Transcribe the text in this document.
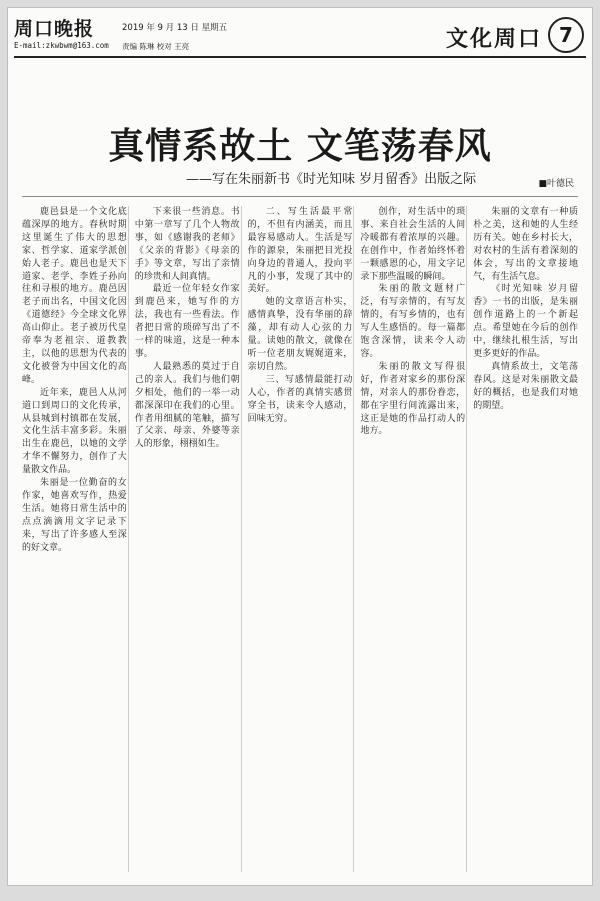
周口晚报	2019 年 9 月 13 日 星期五
E-mail:zkwbwm@163.com 责编 陈琳 校对 王亮	文化周口 7
真情系故土 文笔荡春风
——写在朱丽新书《时光知味 岁月留香》出版之际	■叶德民

鹿邑县是一个文化底蕴深厚的地方。春秋时期这里诞生了伟大的思想家、哲学家、道家学派创始人老子。鹿邑也是天下道家、老学、李姓子孙向往和寻根的地方。鹿邑因老子而出名，中国文化因《道德经》今全球文化界高山仰止。老子被历代皇帝奉为老祖宗、道教教主，以他的思想为代表的文化被誉为中国文化的高峰。

近年来，鹿邑人从河道口到周口的文化传承，从县城到村镇都在发展，文化生活丰富多彩。朱丽出生在鹿邑，以她的文学才华不懈努力，创作了大量散文作品。

朱丽是一位勤奋的女作家，她喜欢写作，热爱生活。她将日常生活中的点点滴滴用文字记录下来，写出了许多感人至深的好文章。

下来很一些消息。书中第一章写了几个人物故事，如《感谢我的老师》《父亲的背影》《母亲的手》等文章，写出了亲情的珍贵和人间真情。

最近一位年轻女作家到鹿邑来，她写作的方法，我也有一些看法。作者把日常的琐碎写出了不一样的味道，这是一种本事。

人最熟悉的莫过于自己的亲人。我们与他们朝夕相处，他们的一举一动都深深印在我们的心里。作者用细腻的笔触，描写了父亲、母亲、外婆等亲人的形象，栩栩如生。

二、写生活最平常的，不但有内涵美，而且最容易感动人。生活是写作的源泉，朱丽把目光投向身边的普通人，投向平凡的小事，发现了其中的美好。

她的文章语言朴实，感情真挚，没有华丽的辞藻，却有动人心弦的力量。读她的散文，就像在听一位老朋友娓娓道来，亲切自然。

三、写感情最能打动人心，作者的真情实感贯穿全书，读来令人感动，回味无穷。

创作，对生活中的琐事、来自社会生活的人间冷暖都有着浓厚的兴趣。在创作中，作者始终怀着一颗感恩的心，用文字记录下那些温暖的瞬间。

朱丽的散文题材广泛，有写亲情的，有写友情的，有写乡情的，也有写人生感悟的。每一篇都饱含深情，读来令人动容。

朱丽的散文写得很好，作者对家乡的那份深情，对亲人的那份眷恋，都在字里行间流露出来，这正是她的作品打动人的地方。

朱丽的文章有一种质朴之美，这和她的人生经历有关。她在乡村长大，对农村的生活有着深刻的体会，写出的文章接地气，有生活气息。

《时光知味 岁月留香》一书的出版，是朱丽创作道路上的一个新起点。希望她在今后的创作中，继续扎根生活，写出更多更好的作品。

真情系故土，文笔荡春风。这是对朱丽散文最好的概括，也是我们对她的期望。
